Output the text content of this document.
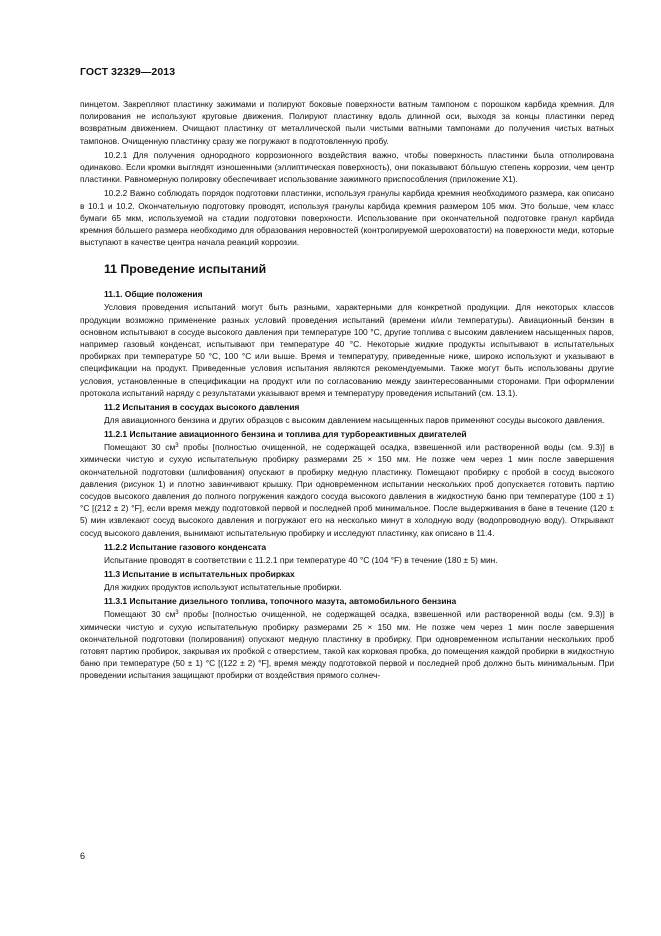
ГОСТ 32329—2013

пинцетом. Закрепляют пластинку зажимами и полируют боковые поверхности ватным тампоном с порошком карбида кремния. Для полирования не используют круговые движения. Полируют пластинку вдоль длинной оси, выходя за концы пластинки перед возвратным движением. Очищают пластинку от металлической пыли чистыми ватными тампонами до получения чистых ватных тампонов. Очищенную пластинку сразу же погружают в подготовленную пробу.

10.2.1 Для получения однородного коррозионного воздействия важно, чтобы поверхность пластинки была отполирована одинаково. Если кромки выглядят изношенными (эллиптическая поверхность), они показывают бóльшую степень коррозии, чем центр пластинки. Равномерную полировку обеспечивает использование зажимного приспособления (приложение Х1).

10.2.2 Важно соблюдать порядок подготовки пластинки, используя гранулы карбида кремния необходимого размера, как описано в 10.1 и 10.2. Окончательную подготовку проводят, используя гранулы карбида кремния размером 105 мкм. Это больше, чем класс бумаги 65 мкм, используемой на стадии подготовки поверхности. Использование при окончательной подготовке гранул карбида кремния бóльшего размера необходимо для образования неровностей (контролируемой шероховатости) на поверхности меди, которые выступают в качестве центра начала реакций коррозии.

11 Проведение испытаний
11.1. Общие положения

Условия проведения испытаний могут быть разными, характерными для конкретной продукции. Для некоторых классов продукции возможно применение разных условий проведения испытаний (времени и/или температуры). Авиационный бензин в основном испытывают в сосуде высокого давления при температуре 100 °C, другие топлива с высоким давлением насыщенных паров, например газовый конденсат, испытывают при температуре 40 °C. Некоторые жидкие продукты испытывают в испытательных пробирках при температуре 50 °C, 100 °C или выше. Время и температуру, приведенные ниже, широко используют и указывают в спецификации на продукт. Приведенные условия испытания являются рекомендуемыми. Также могут быть использованы другие условия, установленные в спецификации на продукт или по согласованию между заинтересованными сторонами. При оформлении протокола испытаний наряду с результатами указывают время и температуру проведения испытаний (см. 13.1).

11.2 Испытания в сосудах высокого давления

Для авиационного бензина и других образцов с высоким давлением насыщенных паров применяют сосуды высокого давления.

11.2.1 Испытание авиационного бензина и топлива для турбореактивных двигателей

Помещают 30 $см^3$ пробы [полностью очищенной, не содержащей осадка, взвешенной или растворенной воды (см. 9.3)] в химически чистую и сухую испытательную пробирку размерами 25 × 150 мм. Не позже чем через 1 мин после завершения окончательной подготовки (шлифования) опускают в пробирку медную пластинку. Помещают пробирку с пробой в сосуд высокого давления (рисунок 1) и плотно завинчивают крышку. При одновременном испытании нескольких проб допускается готовить партию сосудов высокого давления до полного погружения каждого сосуда высокого давления в жидкостную баню при температуре (100 ± 1) °C [(212 ± 2) °F], если время между подготовкой первой и последней проб минимальное. После выдерживания в бане в течение (120 ± 5) мин извлекают сосуд высокого давления и погружают его на несколько минут в холодную воду (водопроводную воду). Открывают сосуд высокого давления, вынимают испытательную пробирку и исследуют пластинку, как описано в 11.4.

11.2.2 Испытание газового конденсата

Испытание проводят в соответствии с 11.2.1 при температуре 40 °C (104 °F) в течение (180 ± 5) мин.

11.3 Испытание в испытательных пробирках

Для жидких продуктов используют испытательные пробирки.

11.3.1 Испытание дизельного топлива, топочного мазута, автомобильного бензина

Помещают 30 $см^3$ пробы [полностью очищенной, не содержащей осадка, взвешенной или растворенной воды (см. 9.3)] в химически чистую и сухую испытательную пробирку размерами 25 × 150 мм. Не позже чем через 1 мин после завершения окончательной подготовки (полирования) опускают медную пластинку в пробирку. При одновременном испытании нескольких проб готовят партию пробирок, закрывая их пробкой с отверстием, такой как корковая пробка, до помещения каждой пробирки в жидкостную баню при температуре (50 ± 1) °C [(122 ± 2) °F], время между подготовкой первой и последней проб должно быть минимальным. При проведении испытания защищают пробирки от воздействия прямого солнеч-

6
